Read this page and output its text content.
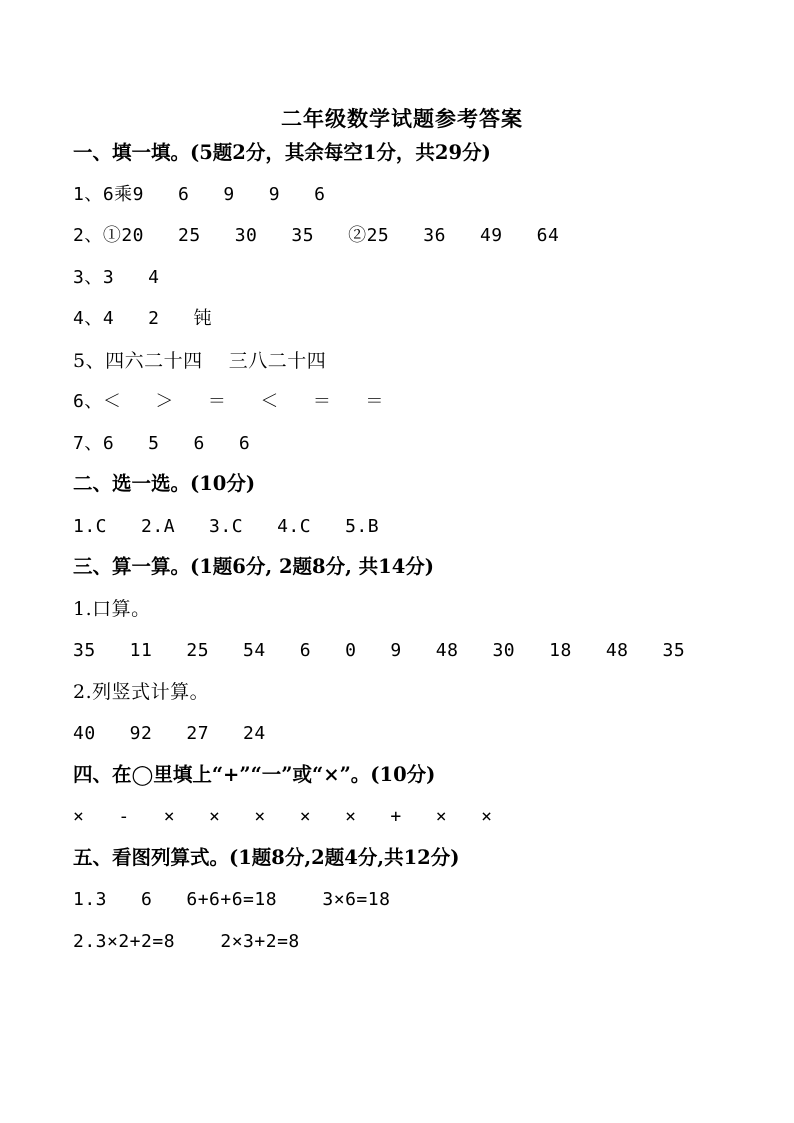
二年级数学试题参考答案
一、填一填。(5题2分，其余每空1分，共29分)
1、6乘9   6   9   9   6
2、①20   25   30   35   ②25   36   49   64
3、3   4
4、4   2   钝
5、四六二十四    三八二十四
6、＜   ＞   ＝   ＜   ＝   ＝
7、6   5   6   6
二、选一选。(10分)
1.C   2.A   3.C   4.C   5.B
三、算一算。(1题6分, 2题8分, 共14分)
1.口算。
35   11   25   54   6   0   9   48   30   18   48   35
2.列竖式计算。
40   92   27   24
四、在◯里填上“+”“一”或“×”。(10分)
×   -   ×   ×   ×   ×   ×   +   ×   ×
五、看图列算式。(1题8分,2题4分,共12分)
1.3   6   6+6+6=18    3×6=18
2.3×2+2=8    2×3+2=8
